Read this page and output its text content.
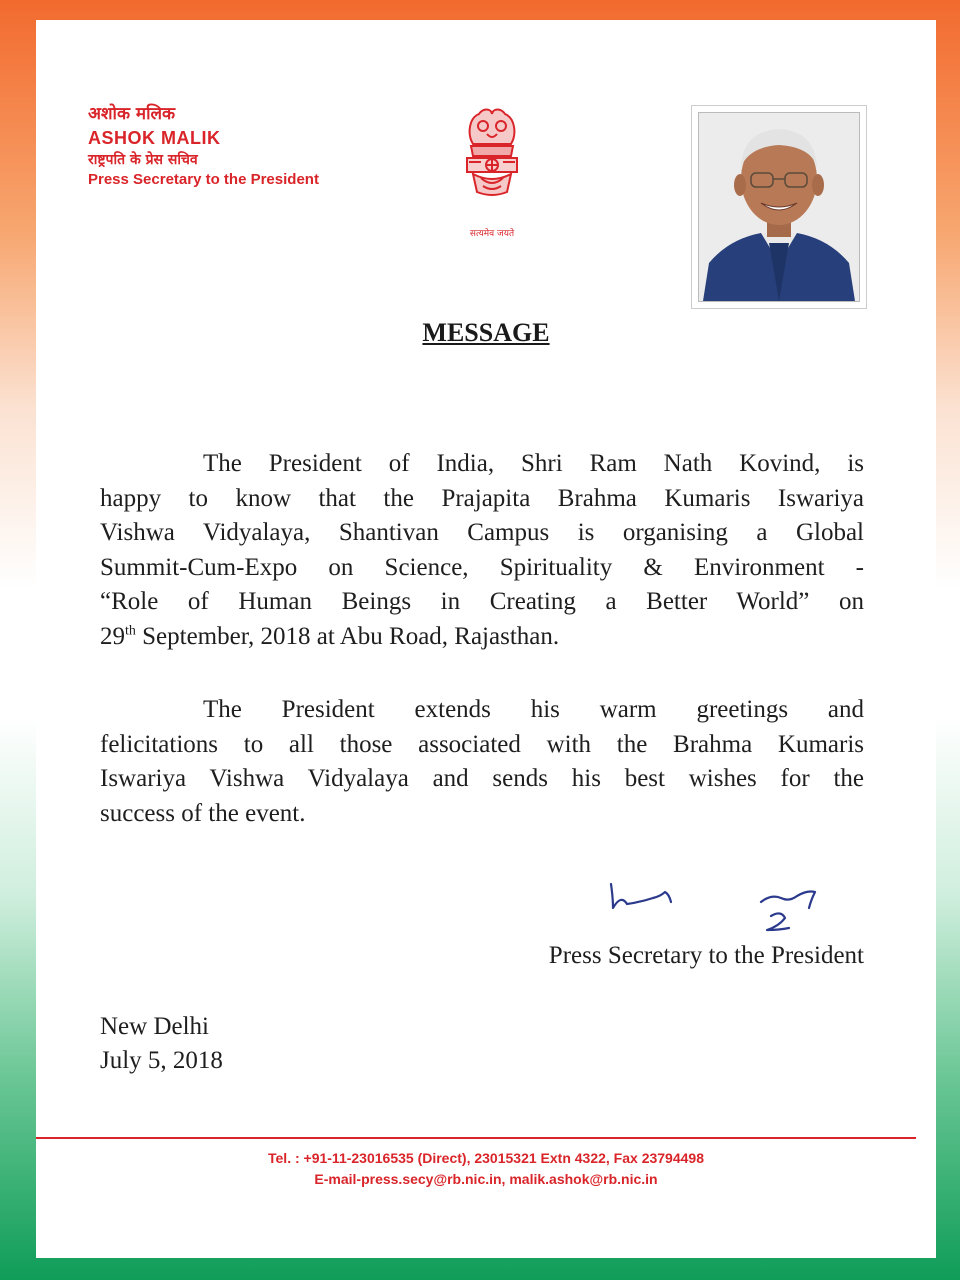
अशोक मलिक
ASHOK MALIK
राष्ट्रपति के प्रेस सचिव
Press Secretary to the President
सत्यमेव जयते
MESSAGE
The President of India, Shri Ram Nath Kovind, is
happy to know that the Prajapita Brahma Kumaris Iswariya
Vishwa Vidyalaya, Shantivan Campus is organising a Global
Summit-Cum-Expo on Science, Spirituality & Environment -
“Role of Human Beings in Creating a Better World” on
29th September, 2018 at Abu Road, Rajasthan.
The President extends his warm greetings and
felicitations to all those associated with the Brahma Kumaris
Iswariya Vishwa Vidyalaya and sends his best wishes for the
success of the event.
Press Secretary to the President
New Delhi
July 5, 2018
Tel. : +91-11-23016535 (Direct), 23015321 Extn 4322, Fax 23794498
E-mail-press.secy@rb.nic.in, malik.ashok@rb.nic.in
